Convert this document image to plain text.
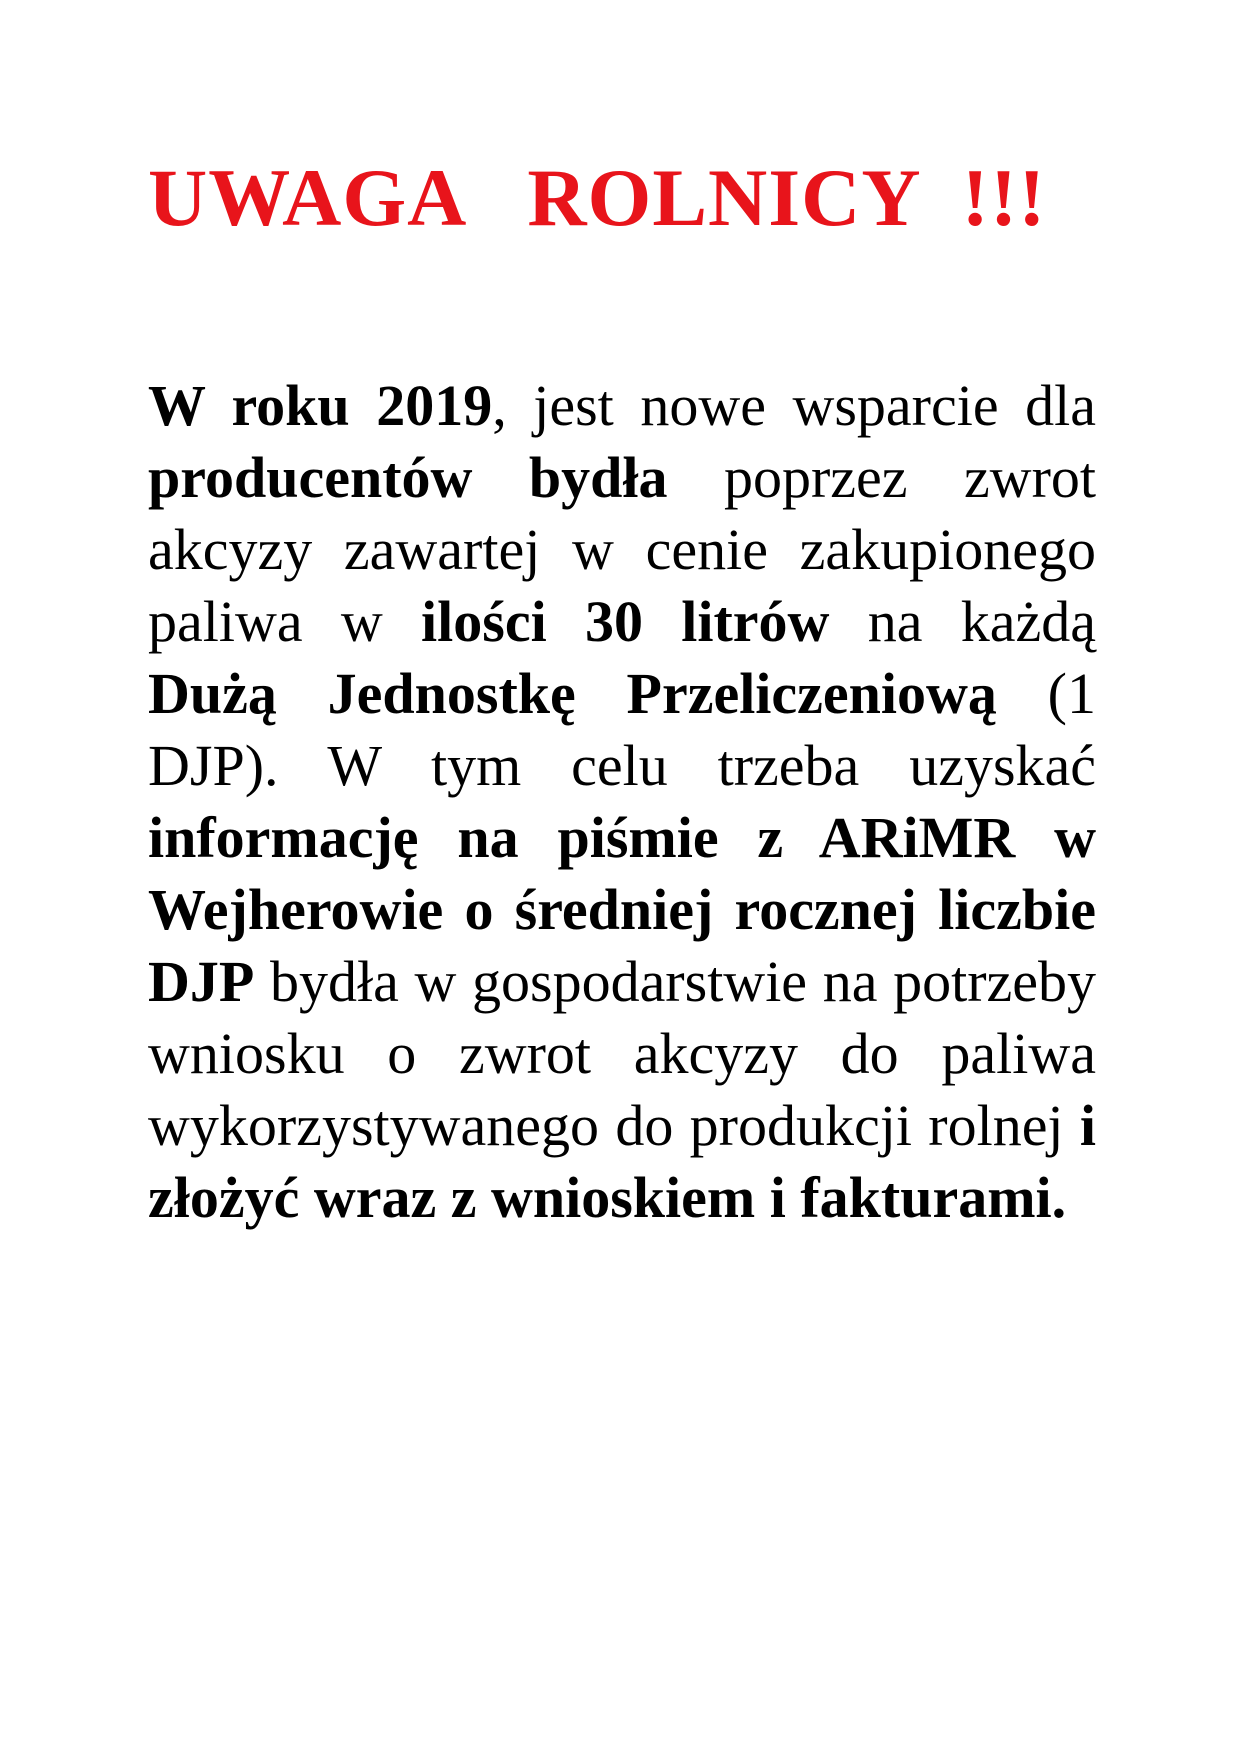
UWAGA   ROLNICY  !!!

W roku 2019, jest nowe wsparcie dla producentów bydła poprzez zwrot akcyzy zawartej w cenie zakupionego paliwa w ilości 30 litrów na każdą Dużą Jednostkę Przeliczeniową (1 DJP). W tym celu trzeba uzyskać informację na piśmie z ARiMR w Wejherowie o średniej rocznej liczbie DJP bydła w gospodarstwie na potrzeby wniosku o zwrot akcyzy do paliwa wykorzystywanego do produkcji rolnej i złożyć wraz z wnioskiem i fakturami.
